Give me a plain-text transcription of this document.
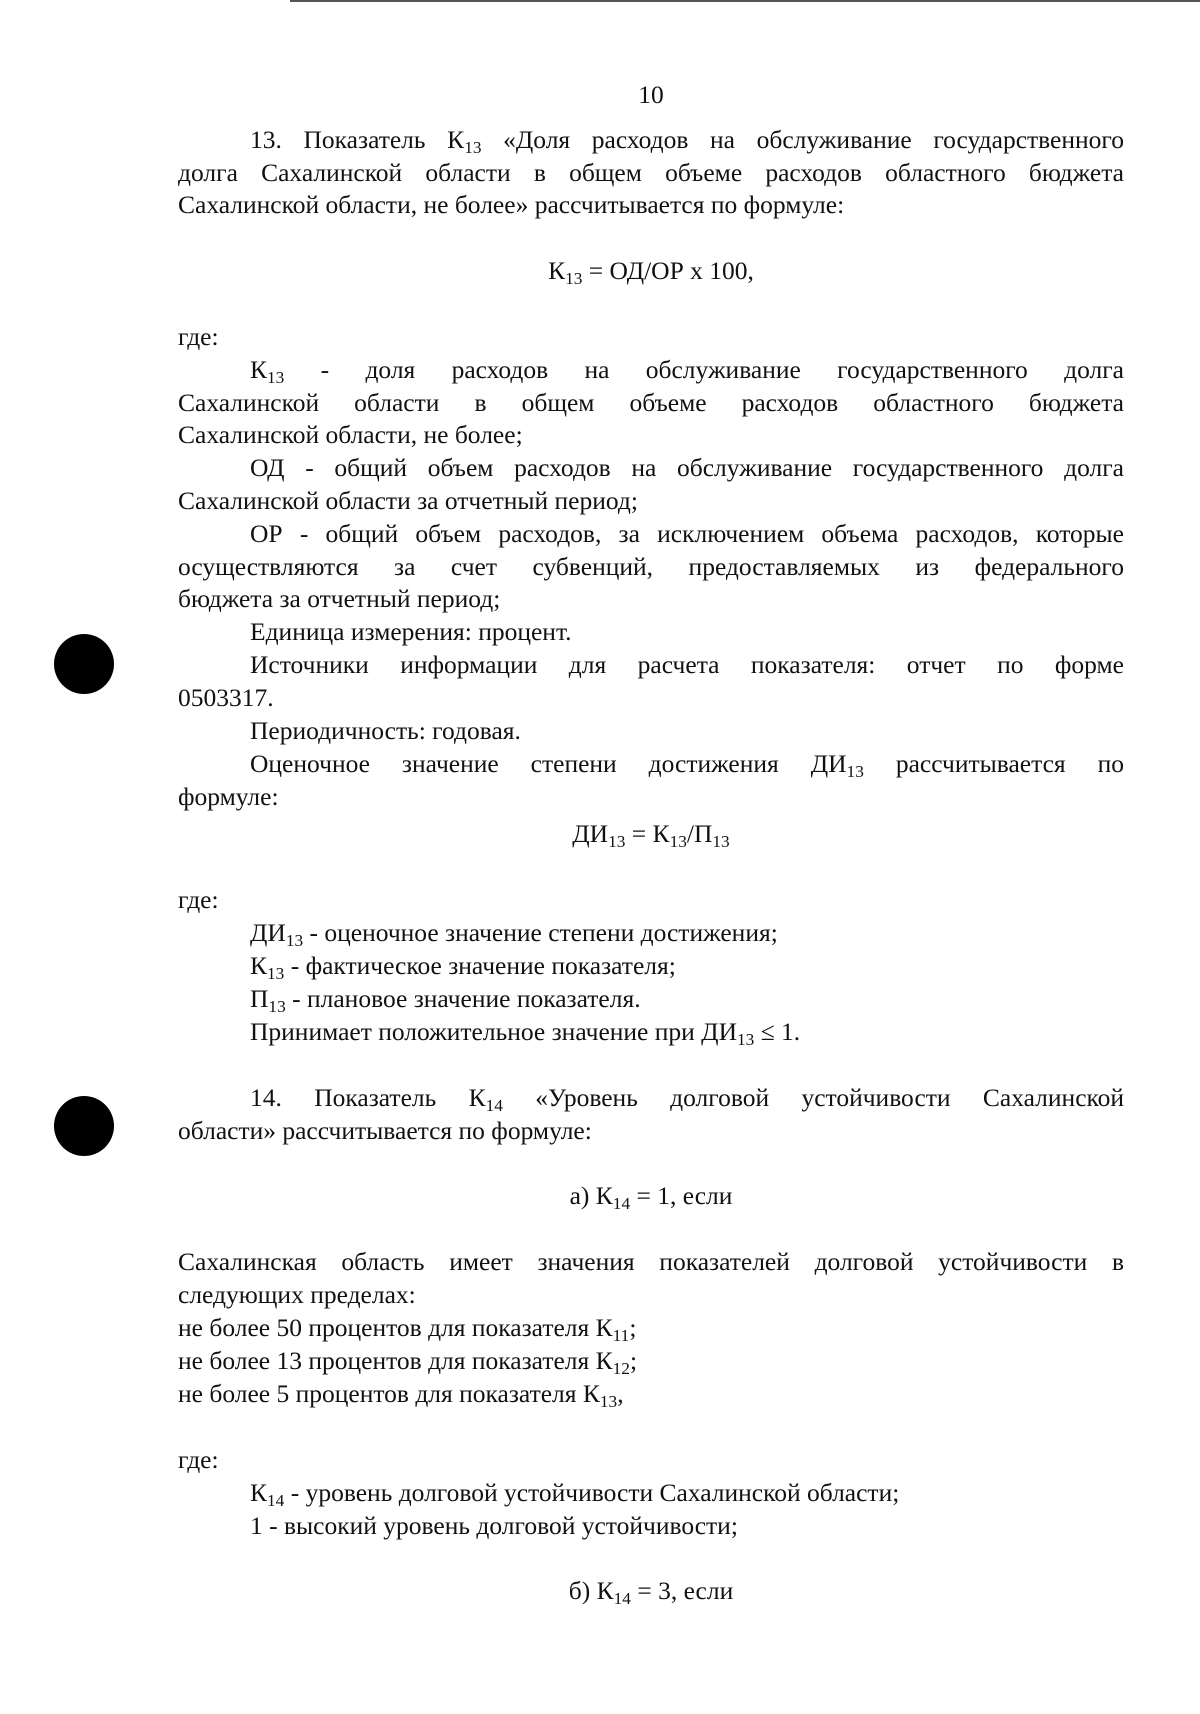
10
13. Показатель $К_{13}$ «Доля расходов на обслуживание государственного
долга Сахалинской области в общем объеме расходов областного бюджета
Сахалинской области, не более» рассчитывается по формуле:
$К_{13} = ОД/ОР$ х 100,
где:
$К_{13}$ - доля расходов на обслуживание государственного долга
Сахалинской области в общем объеме расходов областного бюджета
Сахалинской области, не более;
ОД - общий объем расходов на обслуживание государственного долга
Сахалинской области за отчетный период;
ОР - общий объем расходов, за исключением объема расходов, которые
осуществляются за счет субвенций, предоставляемых из федерального
бюджета за отчетный период;
Единица измерения: процент.
Источники информации для расчета показателя: отчет по форме
0503317.
Периодичность: годовая.
Оценочное значение степени достижения $ДИ_{13}$ рассчитывается по
формуле:
$ДИ_{13} = К_{13}/П_{13}$
где:
$ДИ_{13}$ - оценочное значение степени достижения;
$К_{13}$ - фактическое значение показателя;
$П_{13}$ - плановое значение показателя.
Принимает положительное значение при $ДИ_{13} \le 1$.
14. Показатель $К_{14}$ «Уровень долговой устойчивости Сахалинской
области» рассчитывается по формуле:
а) $К_{14} = 1$, если
Сахалинская область имеет значения показателей долговой устойчивости в
следующих пределах:
не более 50 процентов для показателя $К_{11}$;
не более 13 процентов для показателя $К_{12}$;
не более 5 процентов для показателя $К_{13}$,
где:
$К_{14}$ - уровень долговой устойчивости Сахалинской области;
1 - высокий уровень долговой устойчивости;
б) $К_{14} = 3$, если
